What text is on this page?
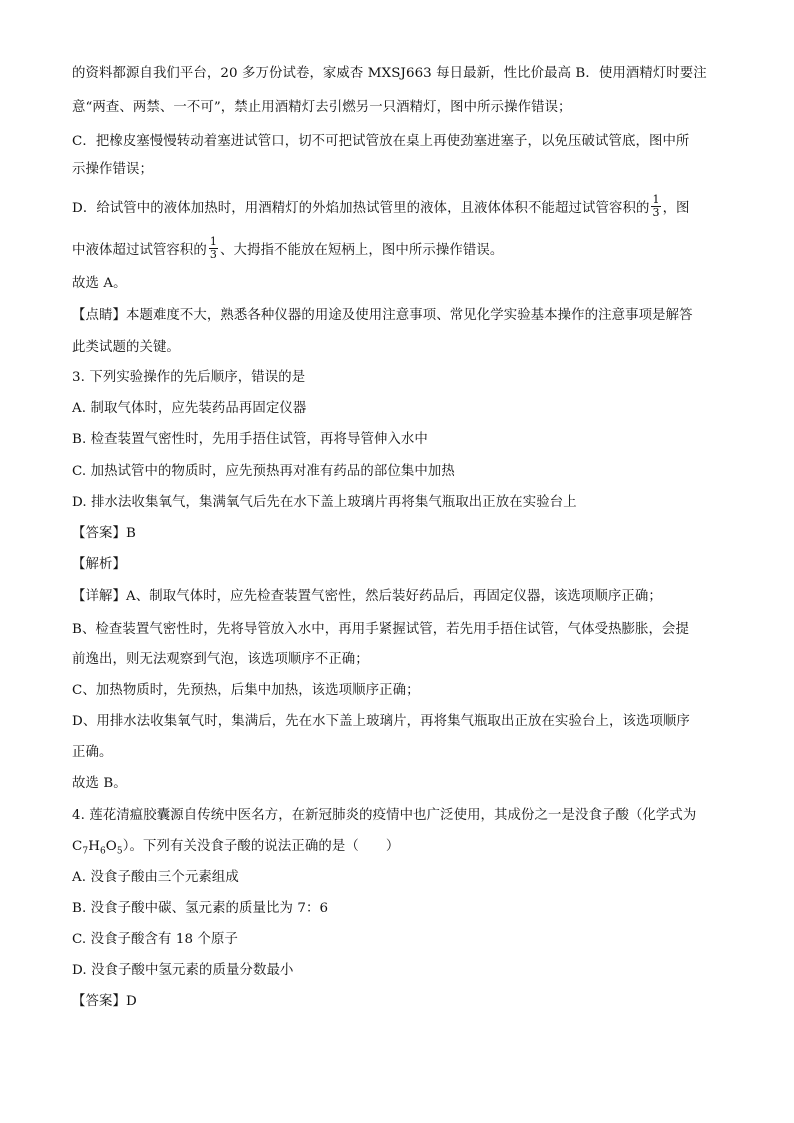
的资料都源自我们平台，20 多万份试卷，家威杏 MXSJ663 每日最新，性比价最高 B．使用酒精灯时要注
意“两查、两禁、一不可”，禁止用酒精灯去引燃另一只酒精灯，图中所示操作错误；
C．把橡皮塞慢慢转动着塞进试管口，切不可把试管放在桌上再使劲塞进塞子，以免压破试管底，图中所
示操作错误；
D．给试管中的液体加热时，用酒精灯的外焰加热试管里的液体，且液体体积不能超过试管容积的 $\frac{1}{3}$ ，图
中液体超过试管容积的 $\frac{1}{3}$ 、大拇指不能放在短柄上，图中所示操作错误。
故选 A。
【点睛】本题难度不大，熟悉各种仪器的用途及使用注意事项、常见化学实验基本操作的注意事项是解答
此类试题的关键。
3. 下列实验操作的先后顺序，错误的是
A. 制取气体时，应先装药品再固定仪器
B. 检查装置气密性时，先用手捂住试管，再将导管伸入水中
C. 加热试管中的物质时，应先预热再对准有药品的部位集中加热
D. 排水法收集氧气，集满氧气后先在水下盖上玻璃片再将集气瓶取出正放在实验台上
【答案】B
【解析】
【详解】A、制取气体时，应先检查装置气密性，然后装好药品后，再固定仪器，该选项顺序正确；
B、检查装置气密性时，先将导管放入水中，再用手紧握试管，若先用手捂住试管，气体受热膨胀，会提
前逸出，则无法观察到气泡，该选项顺序不正确；
C、加热物质时，先预热，后集中加热，该选项顺序正确；
D、用排水法收集氧气时，集满后，先在水下盖上玻璃片，再将集气瓶取出正放在实验台上，该选项顺序
正确。
故选 B。
4. 莲花清瘟胶囊源自传统中医名方，在新冠肺炎的疫情中也广泛使用，其成份之一是没食子酸（化学式为
$C_7H_6O_5$）。下列有关没食子酸的说法正确的是（　　）
A. 没食子酸由三个元素组成
B. 没食子酸中碳、氢元素的质量比为 7：6
C. 没食子酸含有 18 个原子
D. 没食子酸中氢元素的质量分数最小
【答案】D
